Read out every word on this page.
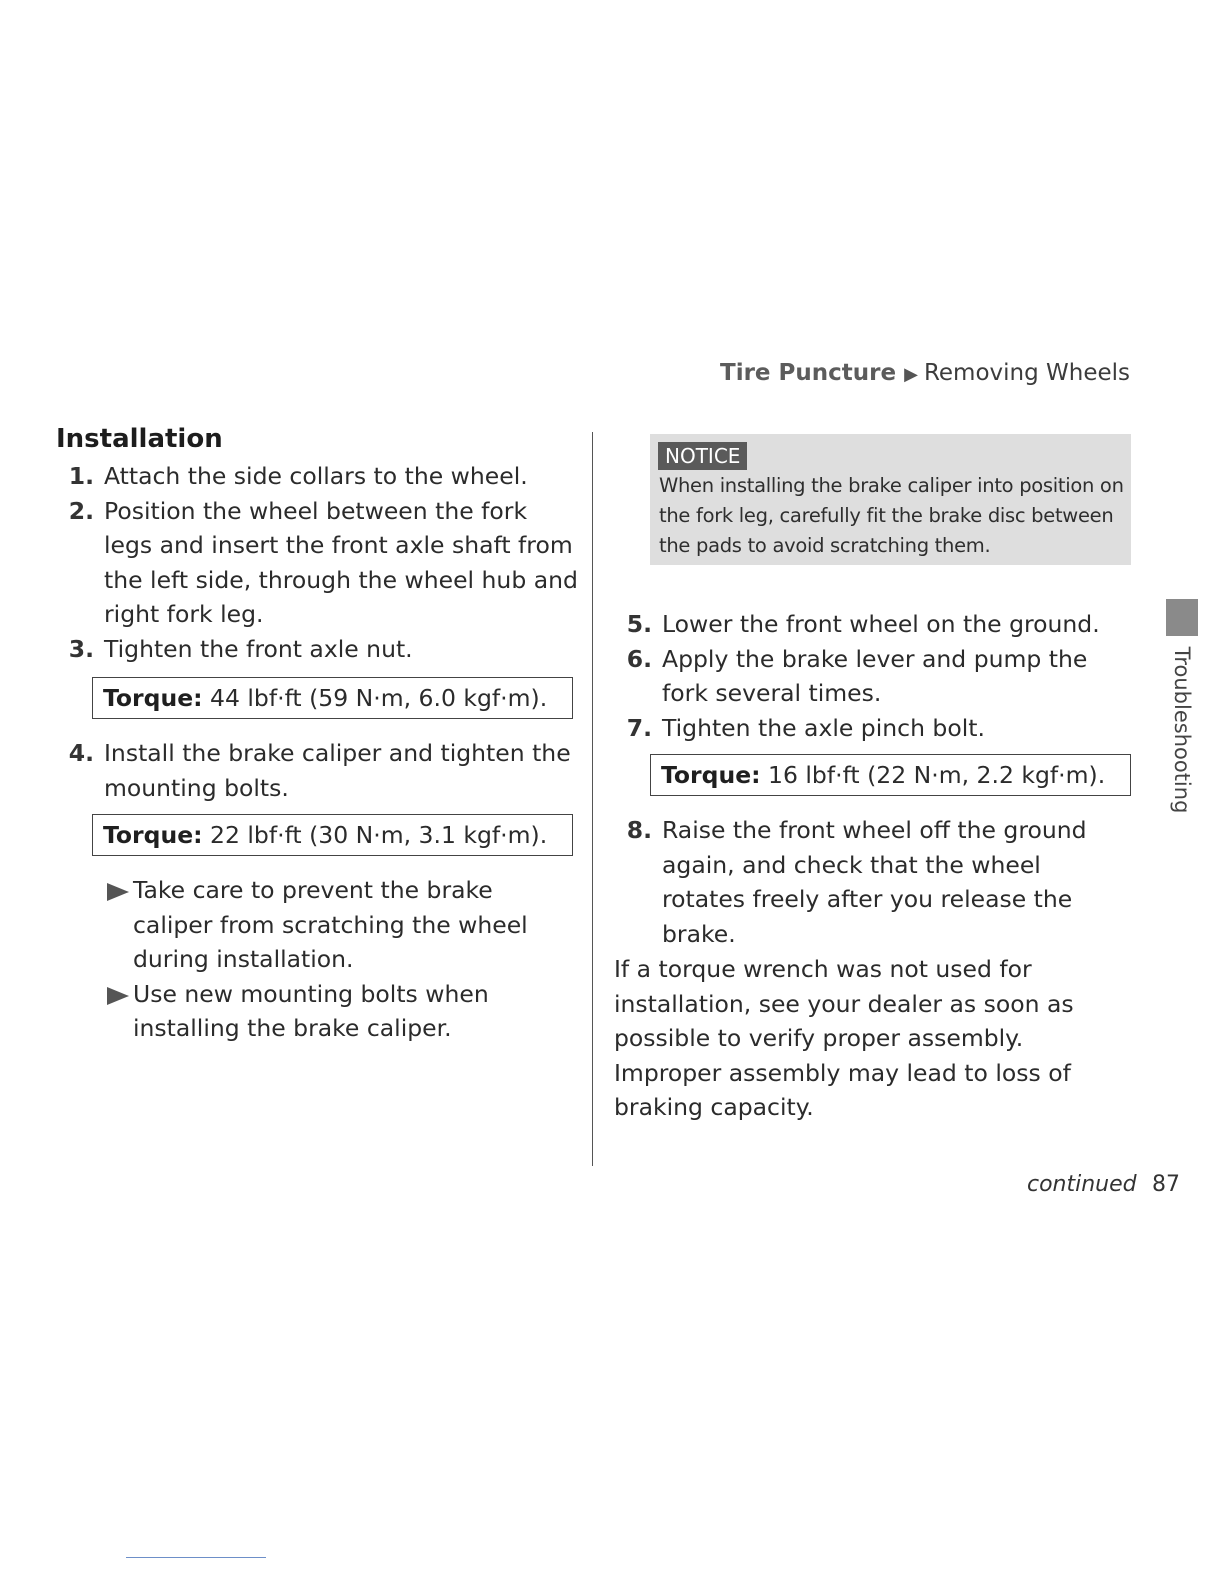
Tire Puncture ▶ Removing Wheels
Installation
1. Attach the side collars to the wheel.
2. Position the wheel between the fork legs and insert the front axle shaft from the left side, through the wheel hub and right fork leg.
3. Tighten the front axle nut.
Torque: 44 lbf·ft (59 N·m, 6.0 kgf·m).
4. Install the brake caliper and tighten the mounting bolts.
Torque: 22 lbf·ft (30 N·m, 3.1 kgf·m).
Take care to prevent the brake caliper from scratching the wheel during installation.
Use new mounting bolts when installing the brake caliper.
NOTICE
When installing the brake caliper into position on the fork leg, carefully fit the brake disc between the pads to avoid scratching them.
5. Lower the front wheel on the ground.
6. Apply the brake lever and pump the fork several times.
7. Tighten the axle pinch bolt.
Torque: 16 lbf·ft (22 N·m, 2.2 kgf·m).
8. Raise the front wheel off the ground again, and check that the wheel rotates freely after you release the brake.
If a torque wrench was not used for installation, see your dealer as soon as possible to verify proper assembly. Improper assembly may lead to loss of braking capacity.
Troubleshooting
continued 87
